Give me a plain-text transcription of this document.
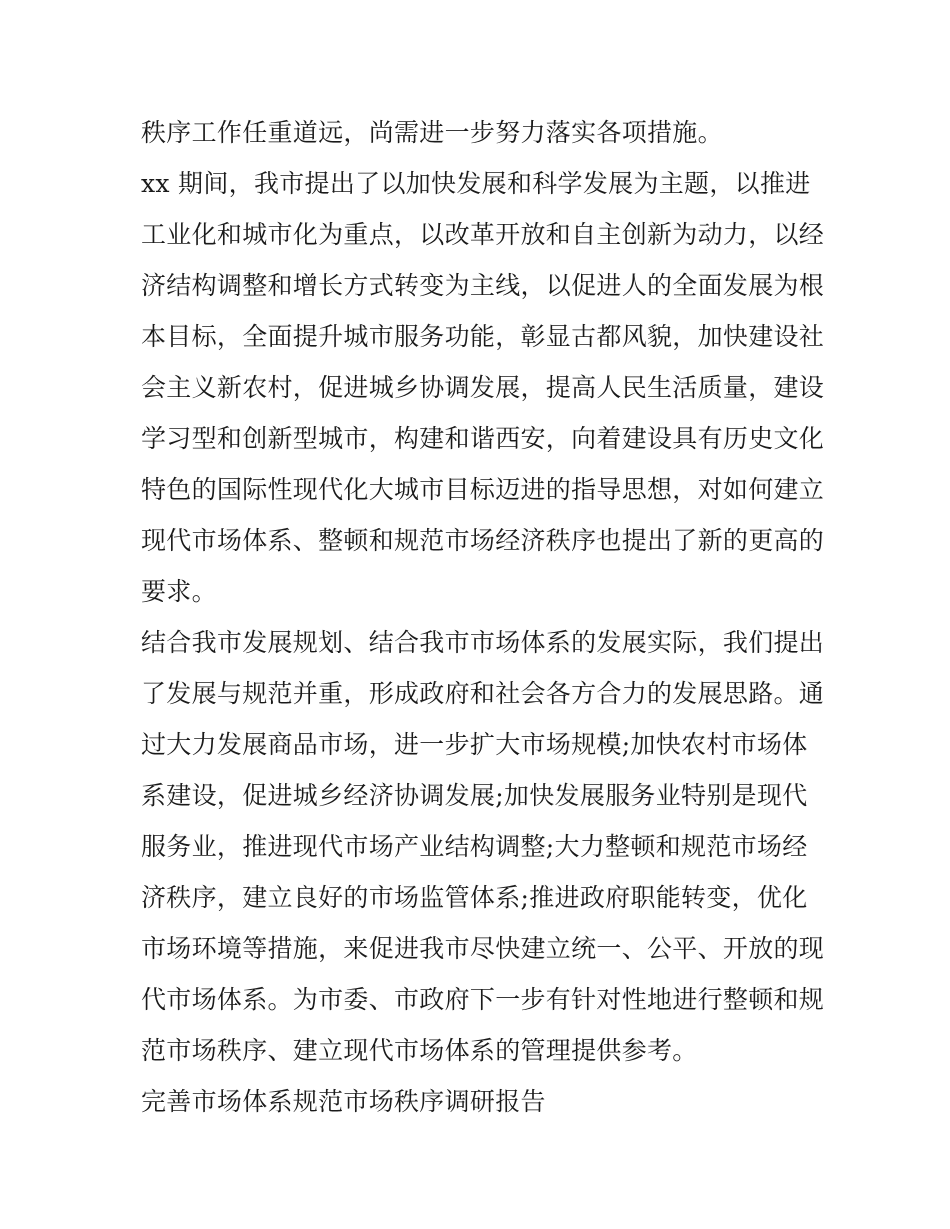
秩序工作任重道远，尚需进一步努力落实各项措施。
xx 期间，我市提出了以加快发展和科学发展为主题，以推进
工业化和城市化为重点，以改革开放和自主创新为动力，以经
济结构调整和增长方式转变为主线，以促进人的全面发展为根
本目标，全面提升城市服务功能，彰显古都风貌，加快建设社
会主义新农村，促进城乡协调发展，提高人民生活质量，建设
学习型和创新型城市，构建和谐西安，向着建设具有历史文化
特色的国际性现代化大城市目标迈进的指导思想，对如何建立
现代市场体系、整顿和规范市场经济秩序也提出了新的更高的
要求。
结合我市发展规划、结合我市市场体系的发展实际，我们提出
了发展与规范并重，形成政府和社会各方合力的发展思路。通
过大力发展商品市场，进一步扩大市场规模;加快农村市场体
系建设，促进城乡经济协调发展;加快发展服务业特别是现代
服务业，推进现代市场产业结构调整;大力整顿和规范市场经
济秩序，建立良好的市场监管体系;推进政府职能转变，优化
市场环境等措施，来促进我市尽快建立统一、公平、开放的现
代市场体系。为市委、市政府下一步有针对性地进行整顿和规
范市场秩序、建立现代市场体系的管理提供参考。
完善市场体系规范市场秩序调研报告
